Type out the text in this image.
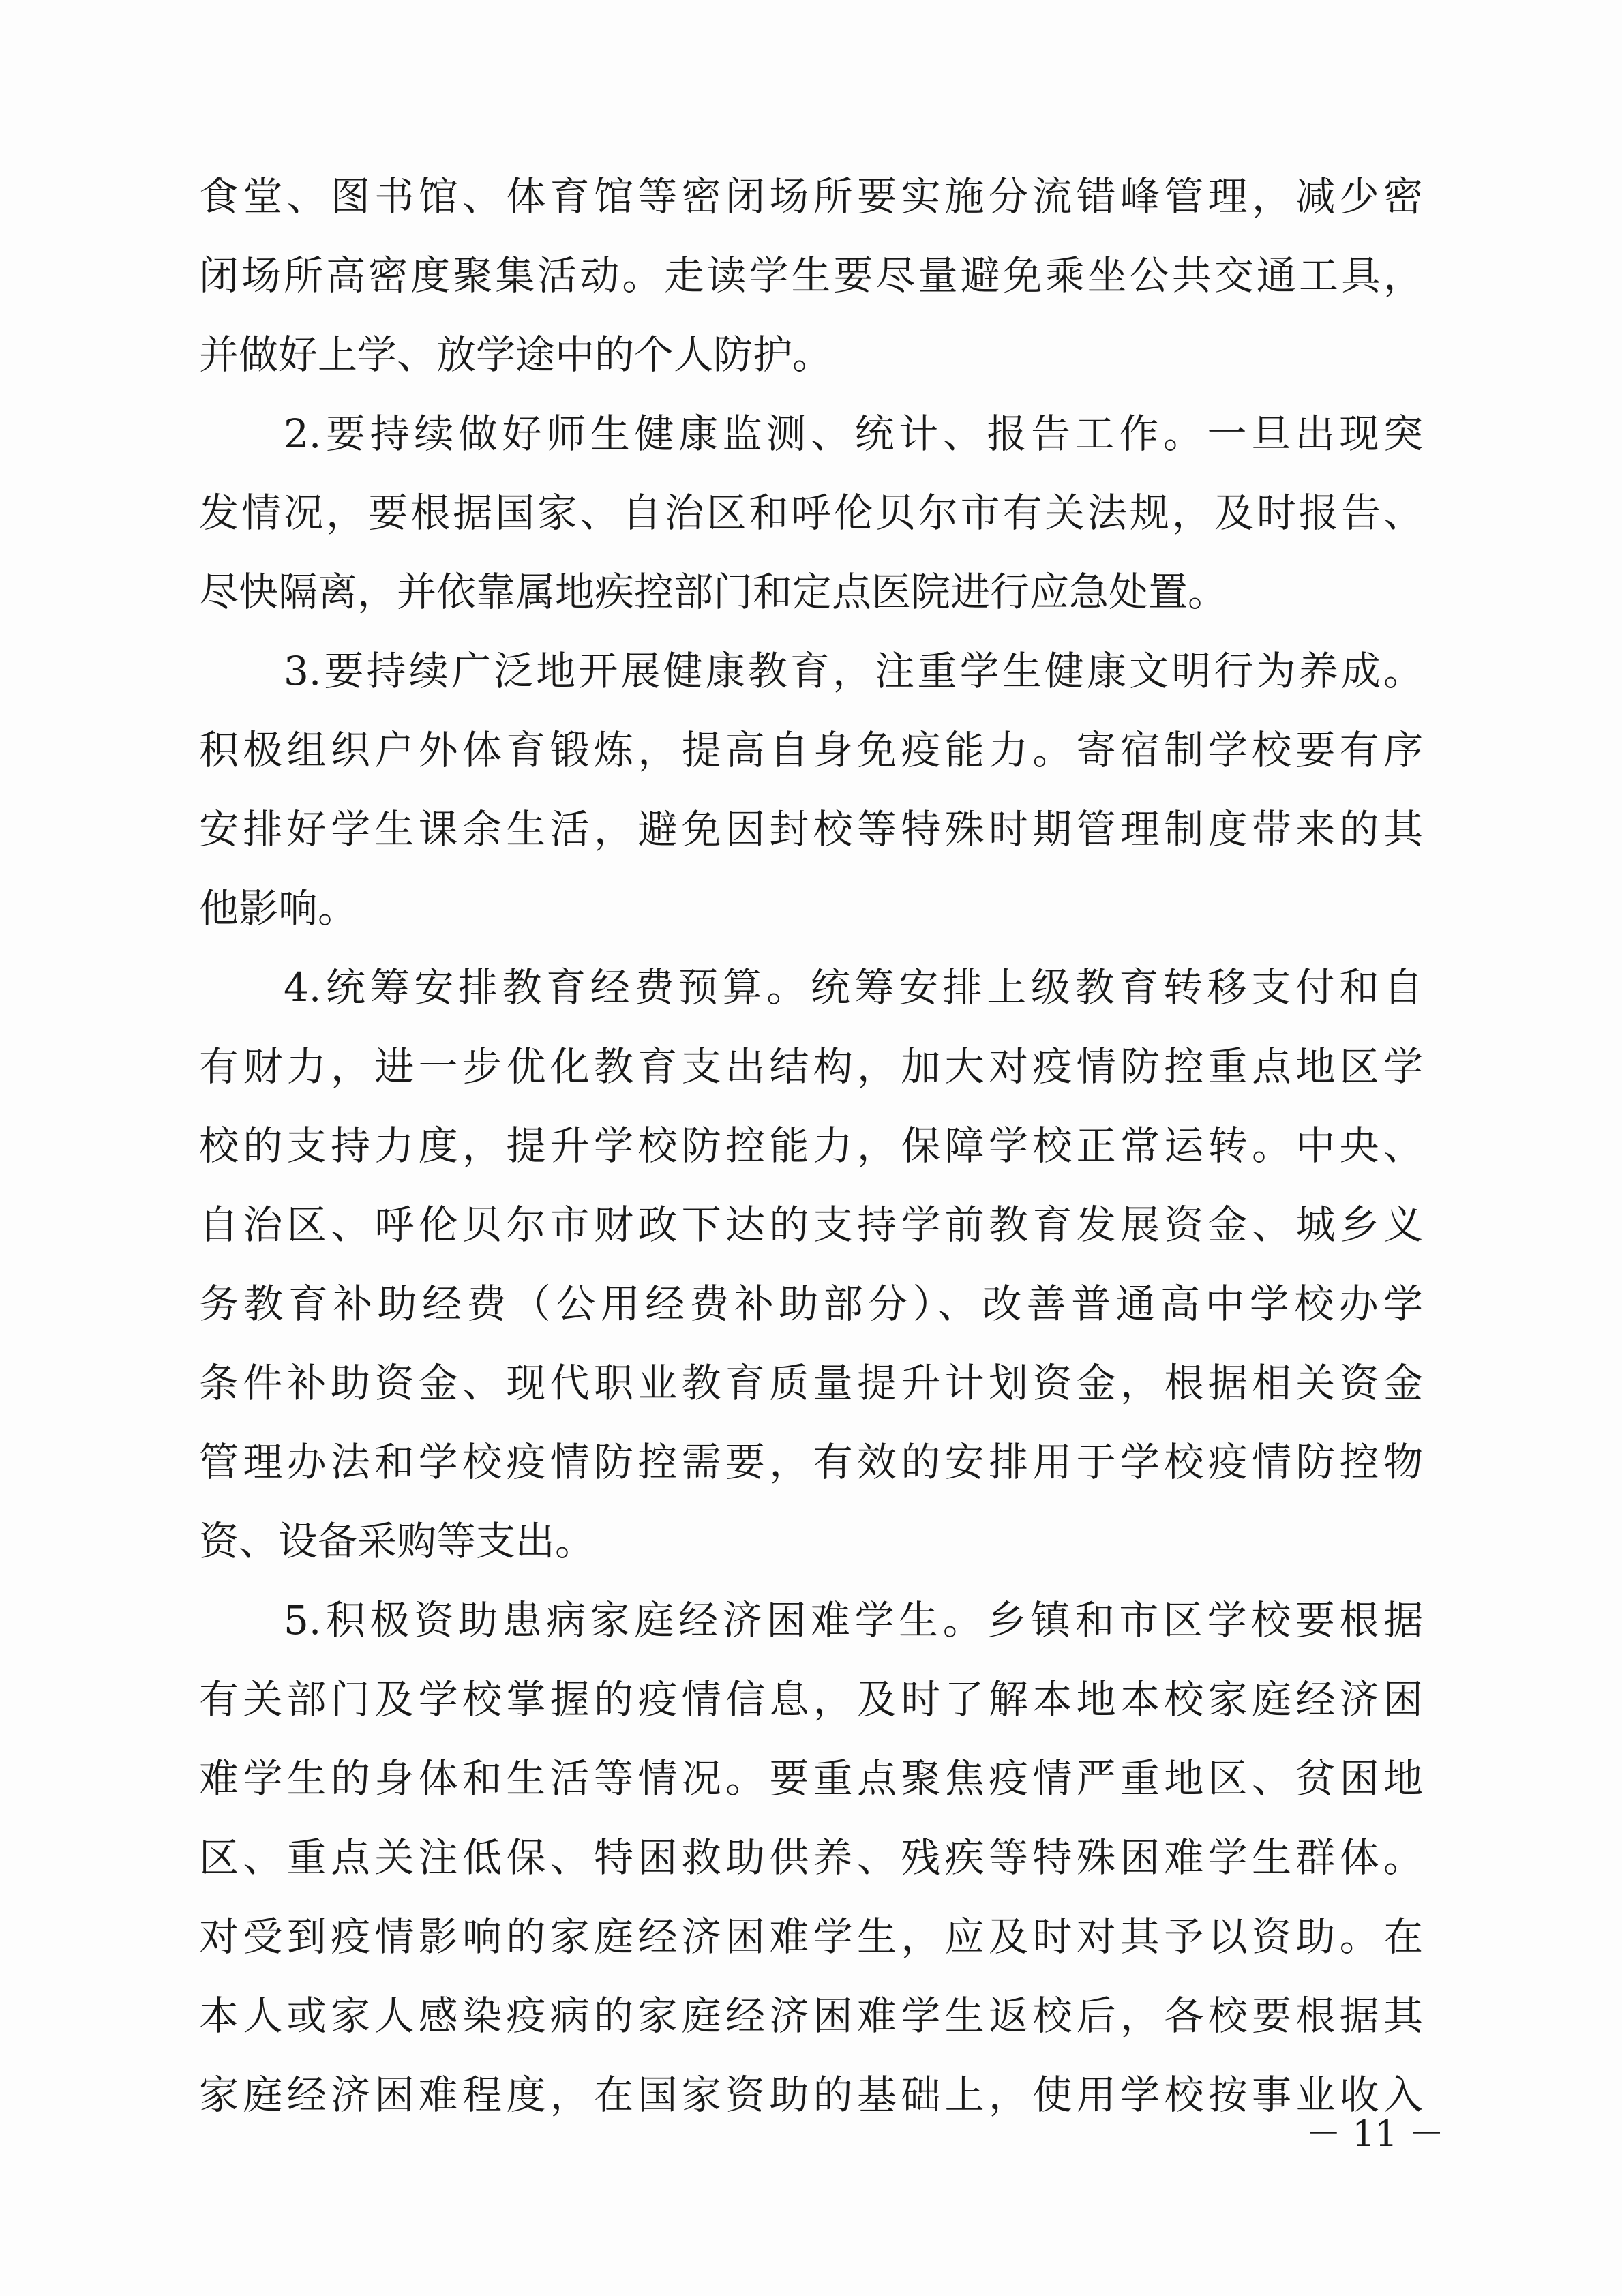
食堂、图书馆、体育馆等密闭场所要实施分流错峰管理，减少密
闭场所高密度聚集活动。走读学生要尽量避免乘坐公共交通工具，
并做好上学、放学途中的个人防护。
2.要持续做好师生健康监测、统计、报告工作。一旦出现突
发情况，要根据国家、自治区和呼伦贝尔市有关法规，及时报告、
尽快隔离，并依靠属地疾控部门和定点医院进行应急处置。
3.要持续广泛地开展健康教育，注重学生健康文明行为养成。
积极组织户外体育锻炼，提高自身免疫能力。寄宿制学校要有序
安排好学生课余生活，避免因封校等特殊时期管理制度带来的其
他影响。
4.统筹安排教育经费预算。统筹安排上级教育转移支付和自
有财力，进一步优化教育支出结构，加大对疫情防控重点地区学
校的支持力度，提升学校防控能力，保障学校正常运转。中央、
自治区、呼伦贝尔市财政下达的支持学前教育发展资金、城乡义
务教育补助经费（公用经费补助部分）、改善普通高中学校办学
条件补助资金、现代职业教育质量提升计划资金，根据相关资金
管理办法和学校疫情防控需要，有效的安排用于学校疫情防控物
资、设备采购等支出。
5.积极资助患病家庭经济困难学生。乡镇和市区学校要根据
有关部门及学校掌握的疫情信息，及时了解本地本校家庭经济困
难学生的身体和生活等情况。要重点聚焦疫情严重地区、贫困地
区、重点关注低保、特困救助供养、残疾等特殊困难学生群体。
对受到疫情影响的家庭经济困难学生，应及时对其予以资助。在
本人或家人感染疫病的家庭经济困难学生返校后，各校要根据其
家庭经济困难程度，在国家资助的基础上，使用学校按事业收入
－ 11 －
